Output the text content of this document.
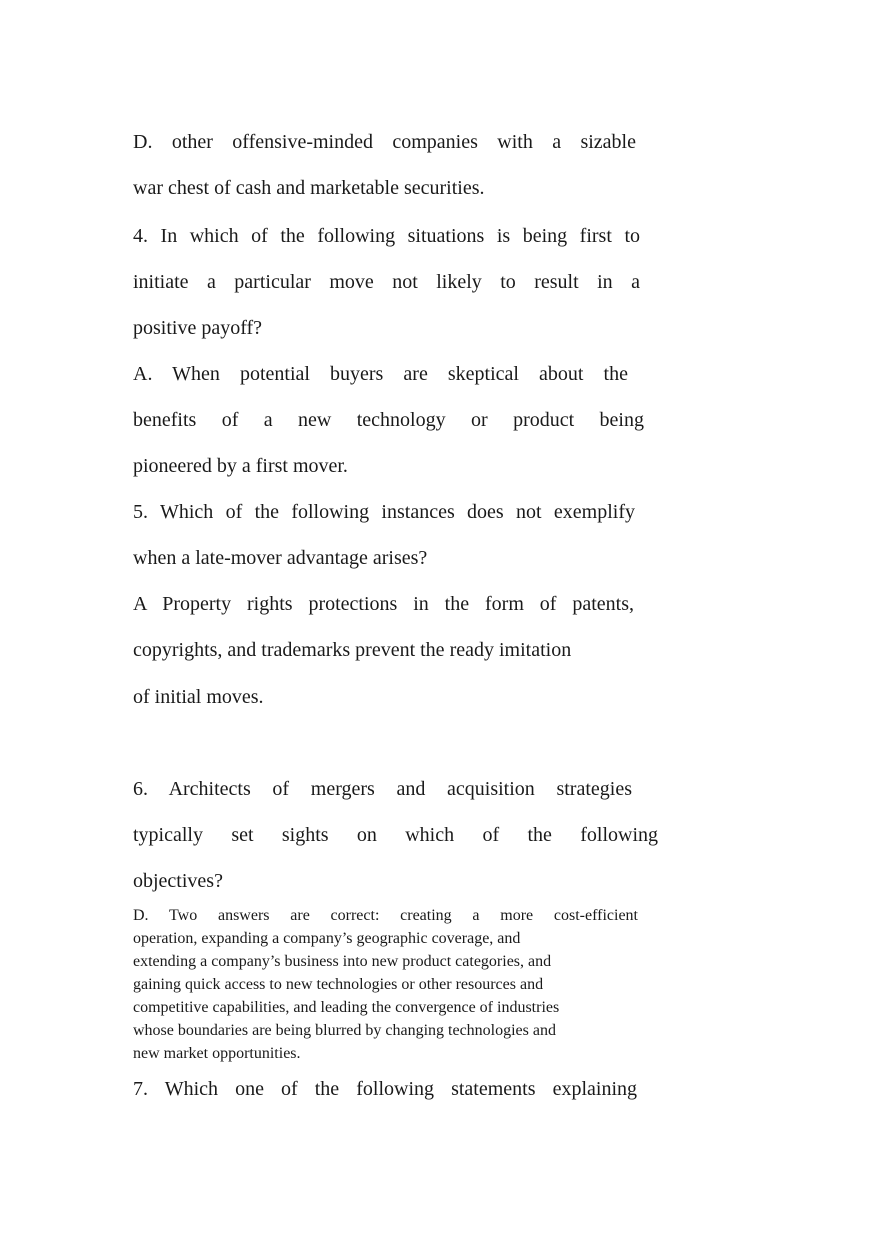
D. other offensive-minded companies with a sizable
war chest of cash and marketable securities.
4. In which of the following situations is being first to
initiate a particular move not likely to result in a
positive payoff?
A. When potential buyers are skeptical about the
benefits of a new technology or product being
pioneered by a first mover.
5. Which of the following instances does not exemplify
when a late-mover advantage arises?
A Property rights protections in the form of patents,
copyrights, and trademarks prevent the ready imitation
of initial moves.
6. Architects of mergers and acquisition strategies
typically set sights on which of the following
objectives?
D. Two answers are correct: creating a more cost-efficient
operation, expanding a company’s geographic coverage, and
extending a company’s business into new product categories, and
gaining quick access to new technologies or other resources and
competitive capabilities, and leading the convergence of industries
whose boundaries are being blurred by changing technologies and
new market opportunities.
7. Which one of the following statements explaining
